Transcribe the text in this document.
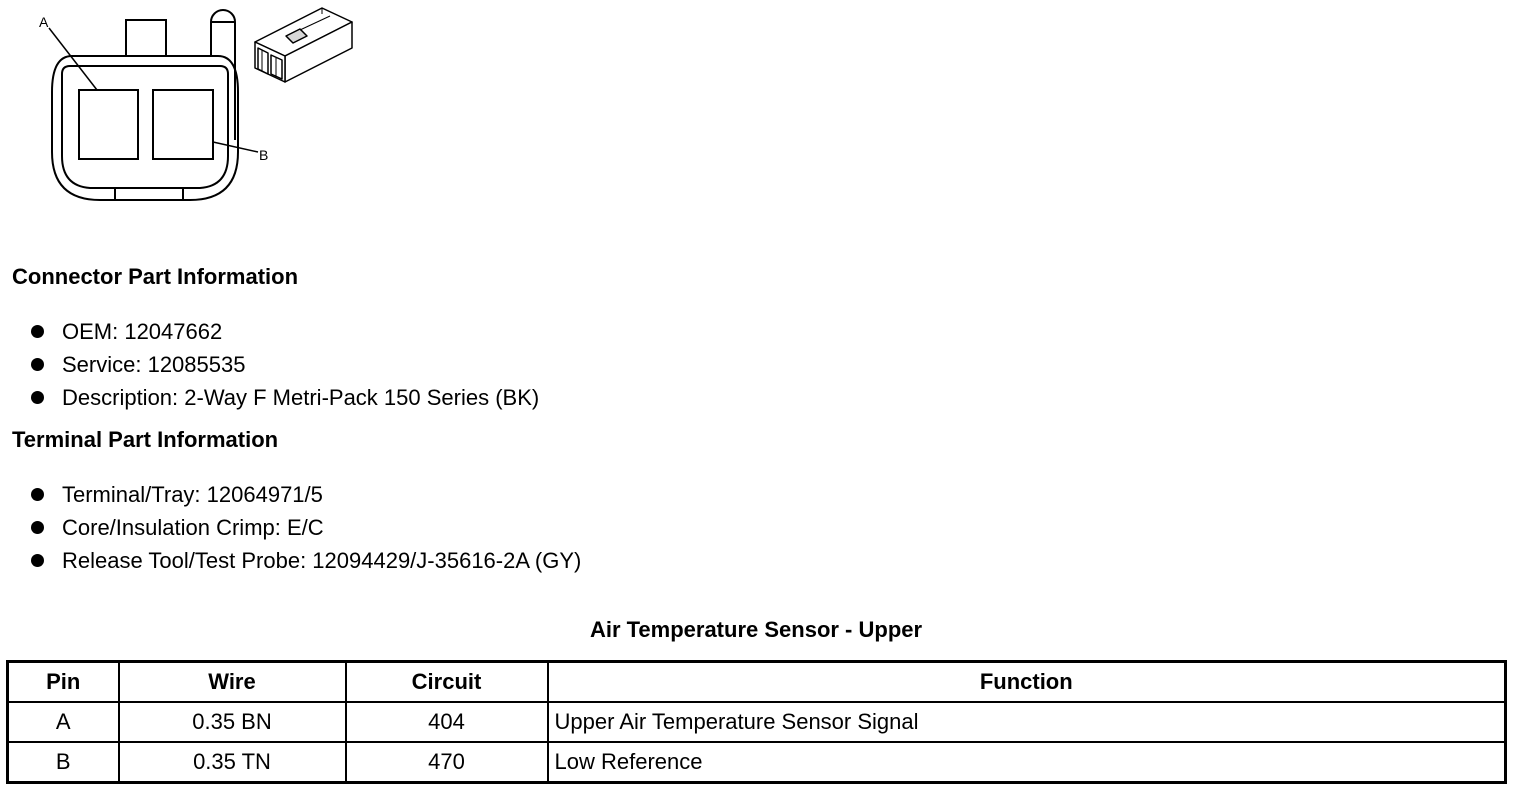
A
B
Connector Part Information
OEM: 12047662
Service: 12085535
Description: 2-Way F Metri-Pack 150 Series (BK)
Terminal Part Information
Terminal/Tray: 12064971/5
Core/Insulation Crimp: E/C
Release Tool/Test Probe: 12094429/J-35616-2A (GY)
Air Temperature Sensor - Upper
Pin	Wire	Circuit	Function
A	0.35 BN	404	Upper Air Temperature Sensor Signal
B	0.35 TN	470	Low Reference
